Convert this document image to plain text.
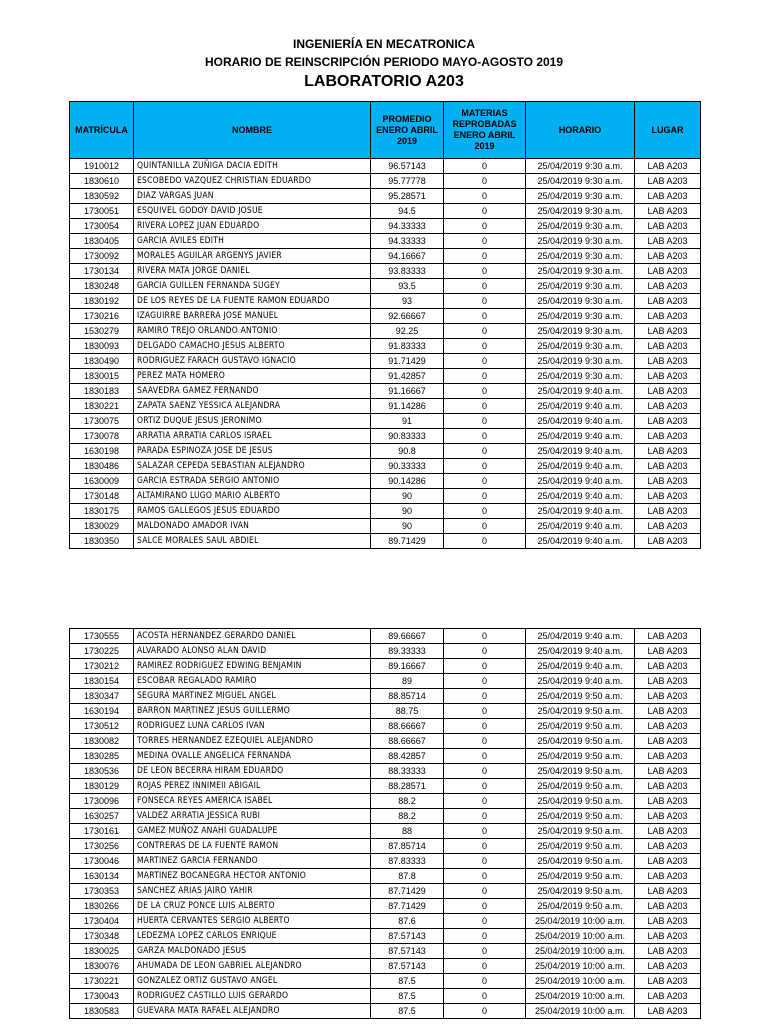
INGENIERÍA EN MECATRONICA
HORARIO DE REINSCRIPCIÓN PERIODO MAYO-AGOSTO 2019
LABORATORIO A203
MATRÍCULA	NOMBRE	PROMEDIO ENERO ABRIL 2019	MATERIAS REPROBADAS ENERO ABRIL 2019	HORARIO	LUGAR
1910012	QUINTANILLA ZUÑIGA DACIA EDITH	96.57143	0	25/04/2019 9:30 a.m.	LAB A203
1830610	ESCOBEDO VAZQUEZ CHRISTIAN EDUARDO	95.77778	0	25/04/2019 9:30 a.m.	LAB A203
1830592	DIAZ VARGAS JUAN	95.28571	0	25/04/2019 9:30 a.m.	LAB A203
1730051	ESQUIVEL GODOY DAVID JOSUE	94.5	0	25/04/2019 9:30 a.m.	LAB A203
1730054	RIVERA LOPEZ JUAN EDUARDO	94.33333	0	25/04/2019 9:30 a.m.	LAB A203
1830405	GARCIA AVILES EDITH	94.33333	0	25/04/2019 9:30 a.m.	LAB A203
1730092	MORALES AGUILAR ARGENYS JAVIER	94.16667	0	25/04/2019 9:30 a.m.	LAB A203
1730134	RIVERA MATA JORGE DANIEL	93.83333	0	25/04/2019 9:30 a.m.	LAB A203
1830248	GARCIA GUILLEN FERNANDA SUGEY	93.5	0	25/04/2019 9:30 a.m.	LAB A203
1830192	DE LOS REYES DE LA FUENTE RAMON EDUARDO	93	0	25/04/2019 9:30 a.m.	LAB A203
1730216	IZAGUIRRE BARRERA JOSE MANUEL	92.66667	0	25/04/2019 9:30 a.m.	LAB A203
1530279	RAMIRO TREJO ORLANDO ANTONIO	92.25	0	25/04/2019 9:30 a.m.	LAB A203
1830093	DELGADO CAMACHO JESUS ALBERTO	91.83333	0	25/04/2019 9:30 a.m.	LAB A203
1830490	RODRIGUEZ FARACH GUSTAVO IGNACIO	91.71429	0	25/04/2019 9:30 a.m.	LAB A203
1830015	PEREZ MATA HOMERO	91.42857	0	25/04/2019 9:30 a.m.	LAB A203
1830183	SAAVEDRA GAMEZ FERNANDO	91.16667	0	25/04/2019 9:40 a.m.	LAB A203
1830221	ZAPATA SAENZ YESSICA ALEJANDRA	91.14286	0	25/04/2019 9:40 a.m.	LAB A203
1730075	ORTIZ DUQUE JESUS JERONIMO	91	0	25/04/2019 9:40 a.m.	LAB A203
1730078	ARRATIA ARRATIA CARLOS ISRAEL	90.83333	0	25/04/2019 9:40 a.m.	LAB A203
1630198	PARADA ESPINOZA JOSE DE JESUS	90.8	0	25/04/2019 9:40 a.m.	LAB A203
1830486	SALAZAR CEPEDA SEBASTIAN ALEJANDRO	90.33333	0	25/04/2019 9:40 a.m.	LAB A203
1630009	GARCIA ESTRADA SERGIO ANTONIO	90.14286	0	25/04/2019 9:40 a.m.	LAB A203
1730148	ALTAMIRANO LUGO MARIO ALBERTO	90	0	25/04/2019 9:40 a.m.	LAB A203
1830175	RAMOS GALLEGOS JESUS EDUARDO	90	0	25/04/2019 9:40 a.m.	LAB A203
1830029	MALDONADO AMADOR IVAN	90	0	25/04/2019 9:40 a.m.	LAB A203
1830350	SALCE MORALES SAUL ABDIEL	89.71429	0	25/04/2019 9:40 a.m.	LAB A203
1730555	ACOSTA HERNANDEZ GERARDO DANIEL	89.66667	0	25/04/2019 9:40 a.m.	LAB A203
1730225	ALVARADO ALONSO ALAN DAVID	89.33333	0	25/04/2019 9:40 a.m.	LAB A203
1730212	RAMIREZ RODRIGUEZ EDWING BENJAMIN	89.16667	0	25/04/2019 9:40 a.m.	LAB A203
1830154	ESCOBAR REGALADO RAMIRO	89	0	25/04/2019 9:40 a.m.	LAB A203
1830347	SEGURA MARTINEZ MIGUEL ANGEL	88.85714	0	25/04/2019 9:50 a.m.	LAB A203
1630194	BARRON MARTINEZ JESUS GUILLERMO	88.75	0	25/04/2019 9:50 a.m.	LAB A203
1730512	RODRIGUEZ LUNA CARLOS IVAN	88.66667	0	25/04/2019 9:50 a.m.	LAB A203
1830082	TORRES HERNANDEZ EZEQUIEL ALEJANDRO	88.66667	0	25/04/2019 9:50 a.m.	LAB A203
1830285	MEDINA OVALLE ANGELICA FERNANDA	88.42857	0	25/04/2019 9:50 a.m.	LAB A203
1830536	DE LEON BECERRA HIRAM EDUARDO	88.33333	0	25/04/2019 9:50 a.m.	LAB A203
1830129	ROJAS PEREZ INNIMEII ABIGAIL	88.28571	0	25/04/2019 9:50 a.m.	LAB A203
1730096	FONSECA REYES AMERICA ISABEL	88.2	0	25/04/2019 9:50 a.m.	LAB A203
1630257	VALDEZ ARRATIA JESSICA RUBI	88.2	0	25/04/2019 9:50 a.m.	LAB A203
1730161	GAMEZ MUÑOZ ANAHI GUADALUPE	88	0	25/04/2019 9:50 a.m.	LAB A203
1730256	CONTRERAS DE LA FUENTE RAMON	87.85714	0	25/04/2019 9:50 a.m.	LAB A203
1730046	MARTINEZ GARCIA FERNANDO	87.83333	0	25/04/2019 9:50 a.m.	LAB A203
1630134	MARTINEZ BOCANEGRA HECTOR ANTONIO	87.8	0	25/04/2019 9:50 a.m.	LAB A203
1730353	SANCHEZ ARIAS JAIRO YAHIR	87.71429	0	25/04/2019 9:50 a.m.	LAB A203
1830266	DE LA CRUZ PONCE LUIS ALBERTO	87.71429	0	25/04/2019 9:50 a.m.	LAB A203
1730404	HUERTA CERVANTES SERGIO ALBERTO	87.6	0	25/04/2019 10:00 a.m.	LAB A203
1730348	LEDEZMA LOPEZ CARLOS ENRIQUE	87.57143	0	25/04/2019 10:00 a.m.	LAB A203
1830025	GARZA MALDONADO JESUS	87.57143	0	25/04/2019 10:00 a.m.	LAB A203
1830076	AHUMADA DE LEON GABRIEL ALEJANDRO	87.57143	0	25/04/2019 10:00 a.m.	LAB A203
1730221	GONZALEZ ORTIZ GUSTAVO ANGEL	87.5	0	25/04/2019 10:00 a.m.	LAB A203
1730043	RODRIGUEZ CASTILLO LUIS GERARDO	87.5	0	25/04/2019 10:00 a.m.	LAB A203
1830583	GUEVARA MATA RAFAEL ALEJANDRO	87.5	0	25/04/2019 10:00 a.m.	LAB A203
